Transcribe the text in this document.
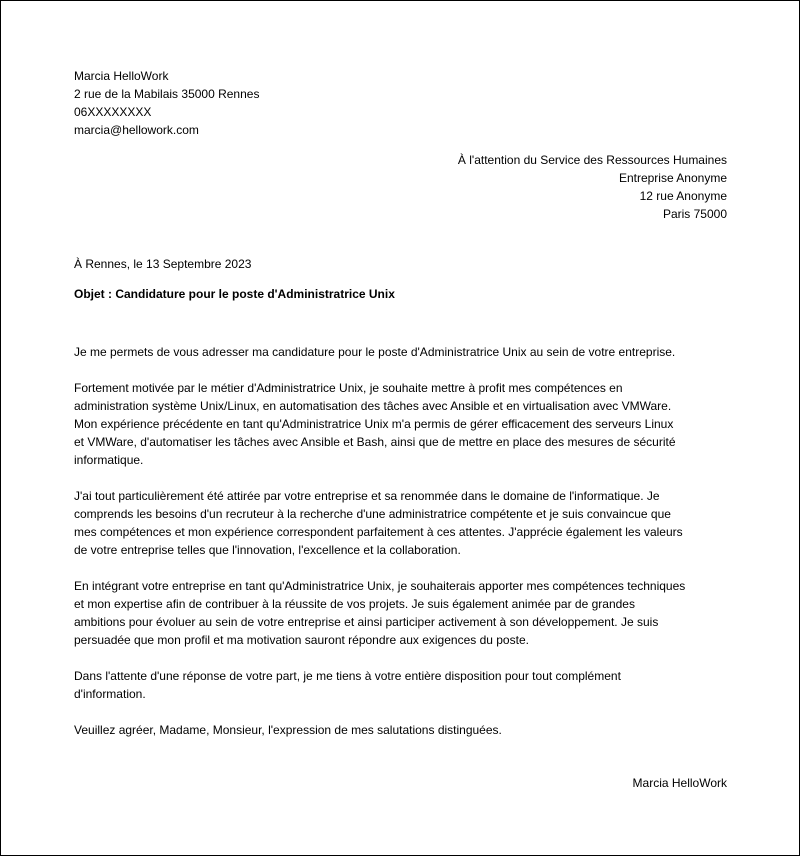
Marcia HelloWork
2 rue de la Mabilais 35000 Rennes
06XXXXXXXX
marcia@hellowork.com
À l'attention du Service des Ressources Humaines
Entreprise Anonyme
12 rue Anonyme
Paris 75000
À Rennes, le 13 Septembre 2023
Objet : Candidature pour le poste d'Administratrice Unix

Je me permets de vous adresser ma candidature pour le poste d'Administratrice Unix au sein de votre entreprise.

Fortement motivée par le métier d'Administratrice Unix, je souhaite mettre à profit mes compétences en
administration système Unix/Linux, en automatisation des tâches avec Ansible et en virtualisation avec VMWare.
Mon expérience précédente en tant qu'Administratrice Unix m'a permis de gérer efficacement des serveurs Linux
et VMWare, d'automatiser les tâches avec Ansible et Bash, ainsi que de mettre en place des mesures de sécurité
informatique.

J'ai tout particulièrement été attirée par votre entreprise et sa renommée dans le domaine de l'informatique. Je
comprends les besoins d'un recruteur à la recherche d'une administratrice compétente et je suis convaincue que
mes compétences et mon expérience correspondent parfaitement à ces attentes. J'apprécie également les valeurs
de votre entreprise telles que l'innovation, l'excellence et la collaboration.

En intégrant votre entreprise en tant qu'Administratrice Unix, je souhaiterais apporter mes compétences techniques
et mon expertise afin de contribuer à la réussite de vos projets. Je suis également animée par de grandes
ambitions pour évoluer au sein de votre entreprise et ainsi participer activement à son développement. Je suis
persuadée que mon profil et ma motivation sauront répondre aux exigences du poste.

Dans l'attente d'une réponse de votre part, je me tiens à votre entière disposition pour tout complément
d'information.

Veuillez agréer, Madame, Monsieur, l'expression de mes salutations distinguées.

Marcia HelloWork
